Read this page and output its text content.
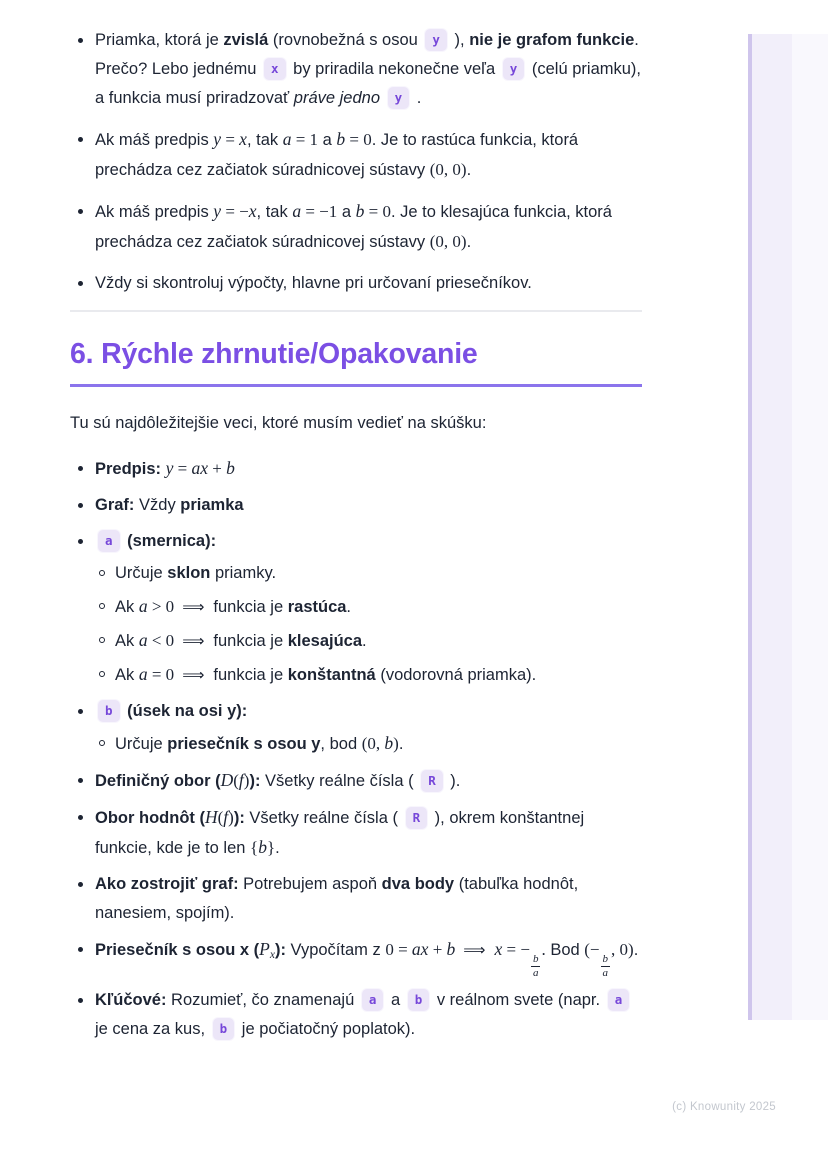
Priamka, ktorá je zvislá (rovnobežná s osou y ), nie je grafom funkcie. Prečo? Lebo jednému x by priradila nekonečne veľa y (celú priamku), a funkcia musí priradzovať práve jedno y .
Ak máš predpis y = x, tak a = 1 a b = 0. Je to rastúca funkcia, ktorá prechádza cez začiatok súradnicovej sústavy (0, 0).
Ak máš predpis y = −x, tak a = −1 a b = 0. Je to klesajúca funkcia, ktorá prechádza cez začiatok súradnicovej sústavy (0, 0).
Vždy si skontroluj výpočty, hlavne pri určovaní priesečníkov.
6. Rýchle zhrnutie/Opakovanie

Tu sú najdôležitejšie veci, ktoré musím vedieť na skúšku:

Predpis: y = ax + b
Graf: Vždy priamka
a (smernica):
Určuje sklon priamky.
Ak a > 0 ⟹ funkcia je rastúca.
Ak a < 0 ⟹ funkcia je klesajúca.
Ak a = 0 ⟹ funkcia je konštantná (vodorovná priamka).
b (úsek na osi y):
Určuje priesečník s osou y, bod (0, b).
Definičný obor (D(f)): Všetky reálne čísla ( R ).
Obor hodnôt (H(f)): Všetky reálne čísla ( R ), okrem konštantnej funkcie, kde je to len {b}.
Ako zostrojiť graf: Potrebujem aspoň dva body (tabuľka hodnôt, nanesiem, spojím).
Priesečník s osou x (Px): Vypočítam z 0 = ax + b ⟹ x = −
$\frac{b}{a}$
. Bod (−
$\frac{b}{a}$
, 0).
Kľúčové: Rozumieť, čo znamenajú a a b v reálnom svete (napr. a je cena za kus, b je počiatočný poplatok).
(c) Knowunity 2025
